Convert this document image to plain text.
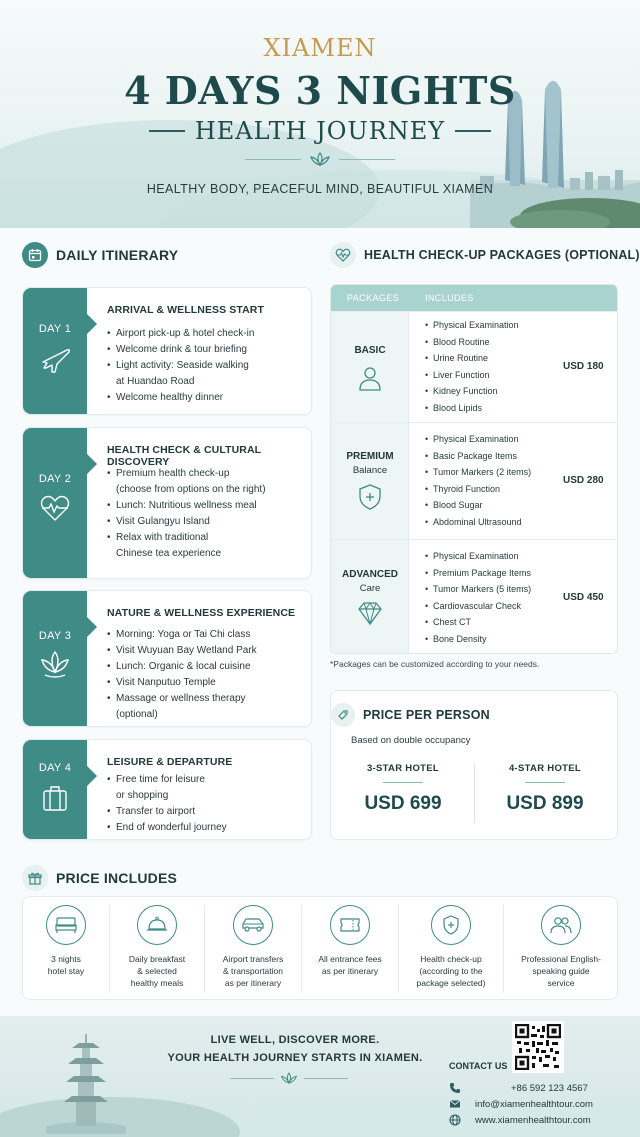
XIAMEN
4 DAYS 3 NIGHTS
HEALTH JOURNEY
HEALTHY BODY, PEACEFUL MIND, BEAUTIFUL XIAMEN
DAILY ITINERARY
DAY 1
ARRIVAL & WELLNESS START
• Airport pick-up & hotel check-in
• Welcome drink & tour briefing
• Light activity: Seaside walking
at Huandao Road
• Welcome healthy dinner
DAY 2
HEALTH CHECK & CULTURAL DISCOVERY
• Premium health check-up
(choose from options on the right)
• Lunch: Nutritious wellness meal
• Visit Gulangyu Island
• Relax with traditional
Chinese tea experience
DAY 3
NATURE & WELLNESS EXPERIENCE
• Morning: Yoga or Tai Chi class
• Visit Wuyuan Bay Wetland Park
• Lunch: Organic & local cuisine
• Visit Nanputuo Temple
• Massage or wellness therapy
(optional)
DAY 4	LEISURE & DEPARTURE
• Free time for leisure
or shopping
• Transfer to airport
• End of wonderful journey
HEALTH CHECK-UP PACKAGES (OPTIONAL)
PACKAGES	INCLUDES
BASIC
• Physical Examination
• Blood Routine
• Urine Routine
• Liver Function
• Kidney Function
• Blood Lipids
USD 180
PREMIUM
Balance
• Physical Examination
• Basic Package Items
• Tumor Markers (2 items)
• Thyroid Function
• Blood Sugar
• Abdominal Ultrasound
USD 280
ADVANCED
Care
• Physical Examination
• Premium Package Items
• Tumor Markers (5 items)
• Cardiovascular Check
• Chest CT
• Bone Density
USD 450
*Packages can be customized according to your needs.
PRICE PER PERSON
Based on double occupancy
3-STAR HOTEL
USD 699
4-STAR HOTEL
USD 899
PRICE INCLUDES
3 nights
hotel stay
Daily breakfast
& selected
healthy meals
Airport transfers
& transportation
as per itinerary
All entrance fees
as per itinerary
Health check-up
(according to the
package selected)
Professional English-
speaking guide
service
LIVE WELL, DISCOVER MORE.
YOUR HEALTH JOURNEY STARTS IN XIAMEN.
CONTACT US
+86 592 123 4567
info@xiamenhealthtour.com
www.xiamenhealthtour.com
